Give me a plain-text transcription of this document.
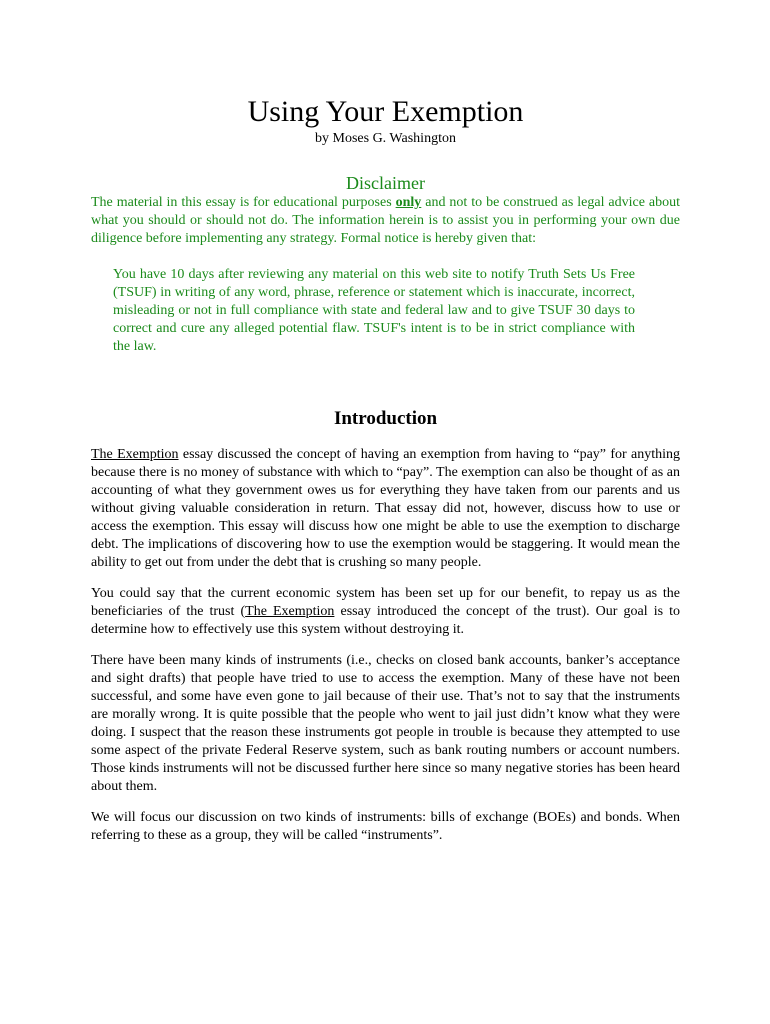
Using Your Exemption

by Moses G. Washington

Disclaimer

The material in this essay is for educational purposes only and not to be construed as legal advice about what you should or should not do. The information herein is to assist you in performing your own due diligence before implementing any strategy. Formal notice is hereby given that:

You have 10 days after reviewing any material on this web site to notify Truth Sets Us Free (TSUF) in writing of any word, phrase, reference or statement which is inaccurate, incorrect, misleading or not in full compliance with state and federal law and to give TSUF 30 days to correct and cure any alleged potential flaw. TSUF's intent is to be in strict compliance with the law.

Introduction

The Exemption essay discussed the concept of having an exemption from having to “pay” for anything because there is no money of substance with which to “pay”. The exemption can also be thought of as an accounting of what they government owes us for everything they have taken from our parents and us without giving valuable consideration in return. That essay did not, however, discuss how to use or access the exemption. This essay will discuss how one might be able to use the exemption to discharge debt. The implications of discovering how to use the exemption would be staggering. It would mean the ability to get out from under the debt that is crushing so many people.

You could say that the current economic system has been set up for our benefit, to repay us as the beneficiaries of the trust (The Exemption essay introduced the concept of the trust). Our goal is to determine how to effectively use this system without destroying it.

There have been many kinds of instruments (i.e., checks on closed bank accounts, banker’s acceptance and sight drafts) that people have tried to use to access the exemption. Many of these have not been successful, and some have even gone to jail because of their use. That’s not to say that the instruments are morally wrong. It is quite possible that the people who went to jail just didn’t know what they were doing. I suspect that the reason these instruments got people in trouble is because they attempted to use some aspect of the private Federal Reserve system, such as bank routing numbers or account numbers. Those kinds instruments will not be discussed further here since so many negative stories has been heard about them.

We will focus our discussion on two kinds of instruments: bills of exchange (BOEs) and bonds. When referring to these as a group, they will be called “instruments”.
